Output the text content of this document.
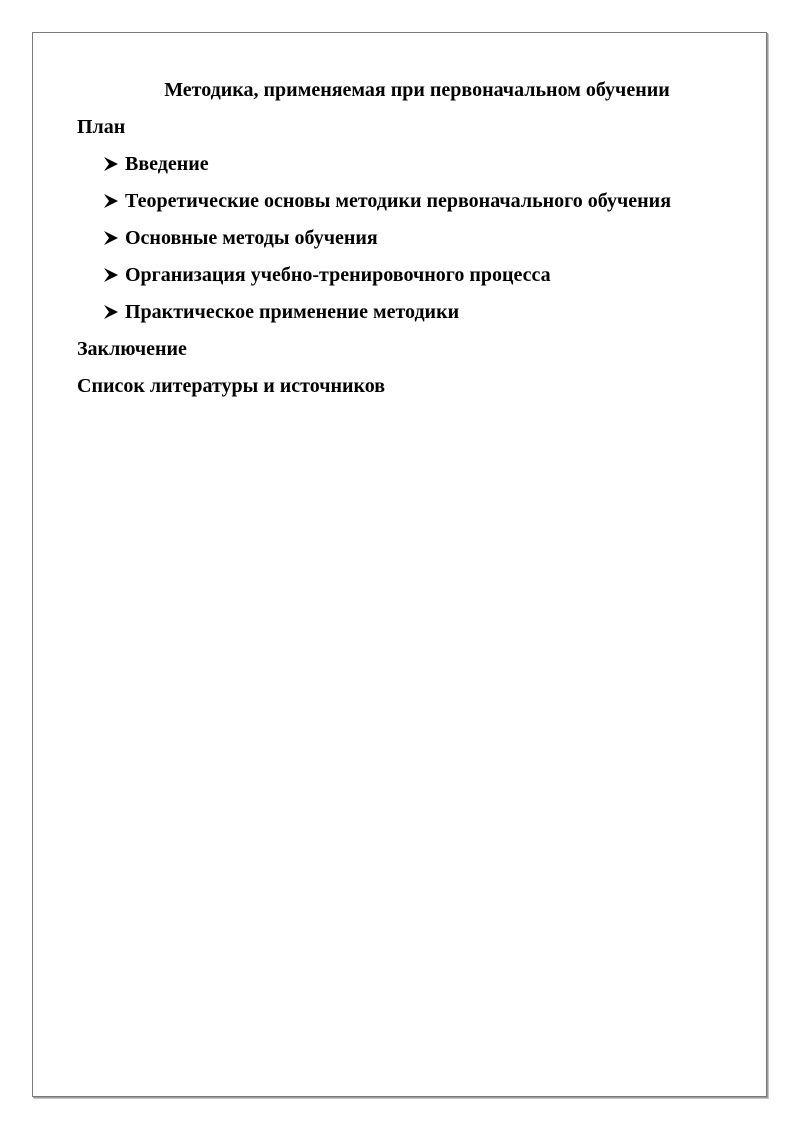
Методика, применяемая при первоначальном обучении

План

Введение
Теоретические основы методики первоначального обучения
Основные методы обучения
Организация учебно-тренировочного процесса
Практическое применение методики

Заключение

Список литературы и источников
